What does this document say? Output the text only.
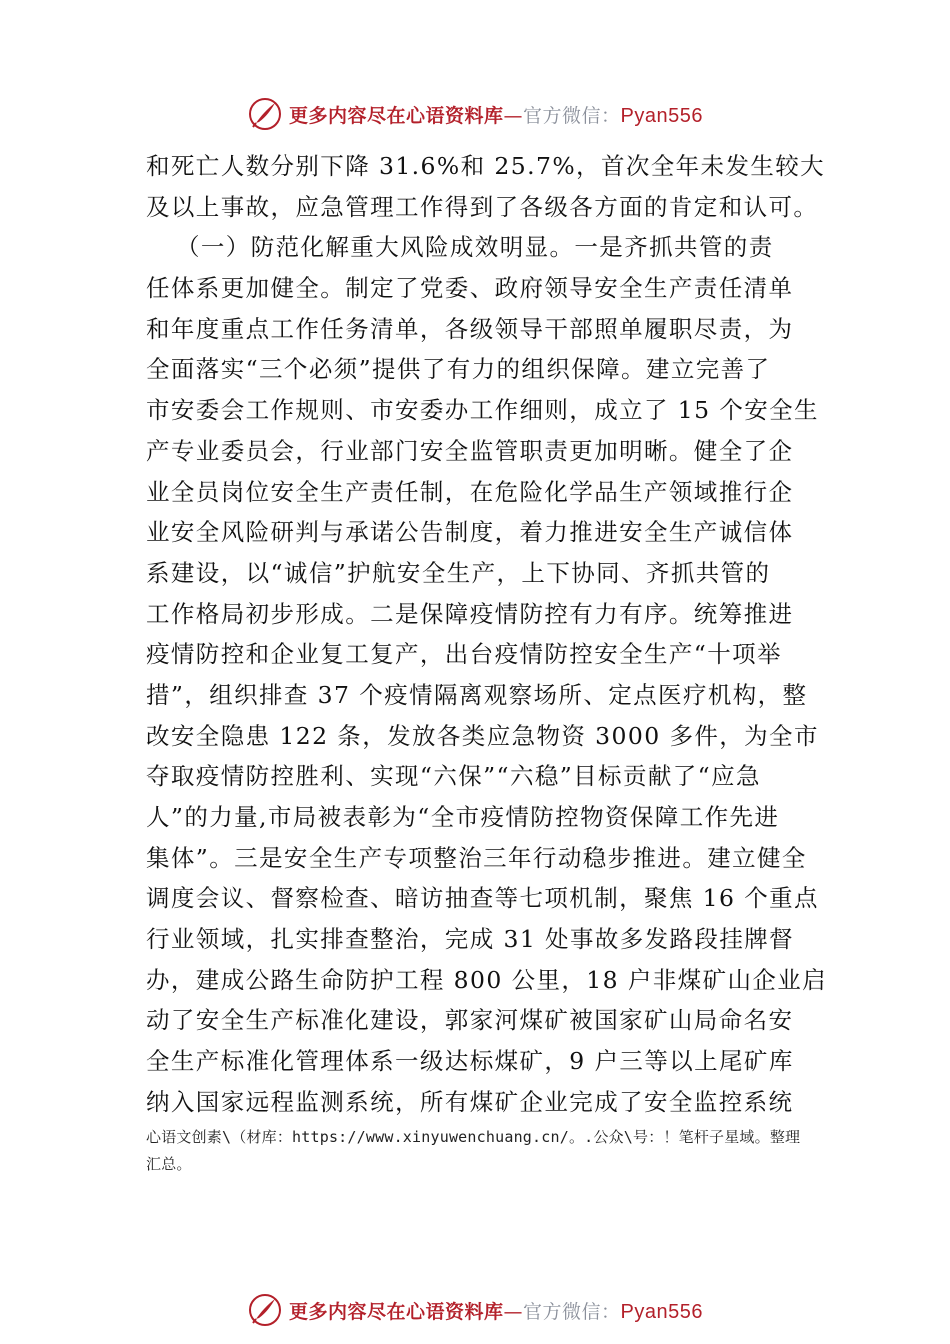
更多内容尽在心语资料库—官方微信：Pyan556
和死亡人数分别下降 31.6%和 25.7%，首次全年未发生较大
及以上事故，应急管理工作得到了各级各方面的肯定和认可。
（一）防范化解重大风险成效明显。一是齐抓共管的责
任体系更加健全。制定了党委、政府领导安全生产责任清单
和年度重点工作任务清单，各级领导干部照单履职尽责，为
全面落实“三个必须”提供了有力的组织保障。建立完善了
市安委会工作规则、市安委办工作细则，成立了 15 个安全生
产专业委员会，行业部门安全监管职责更加明晰。健全了企
业全员岗位安全生产责任制，在危险化学品生产领域推行企
业安全风险研判与承诺公告制度，着力推进安全生产诚信体
系建设，以“诚信”护航安全生产，上下协同、齐抓共管的
工作格局初步形成。二是保障疫情防控有力有序。统筹推进
疫情防控和企业复工复产，出台疫情防控安全生产“十项举
措”，组织排查 37 个疫情隔离观察场所、定点医疗机构，整
改安全隐患 122 条，发放各类应急物资 3000 多件，为全市
夺取疫情防控胜利、实现“六保”“六稳”目标贡献了“应急
人”的力量,市局被表彰为“全市疫情防控物资保障工作先进
集体”。三是安全生产专项整治三年行动稳步推进。建立健全
调度会议、督察检查、暗访抽查等七项机制，聚焦 16 个重点
行业领域，扎实排查整治，完成 31 处事故多发路段挂牌督
办，建成公路生命防护工程 800 公里，18 户非煤矿山企业启
动了安全生产标准化建设，郭家河煤矿被国家矿山局命名安
全生产标准化管理体系一级达标煤矿，9 户三等以上尾矿库
纳入国家远程监测系统，所有煤矿企业完成了安全监控系统
心语文创素\（材库：https://www.xinyuwenchuang.cn/。.公众\号：！笔杆子星域。整理
汇总。
更多内容尽在心语资料库—官方微信：Pyan556
